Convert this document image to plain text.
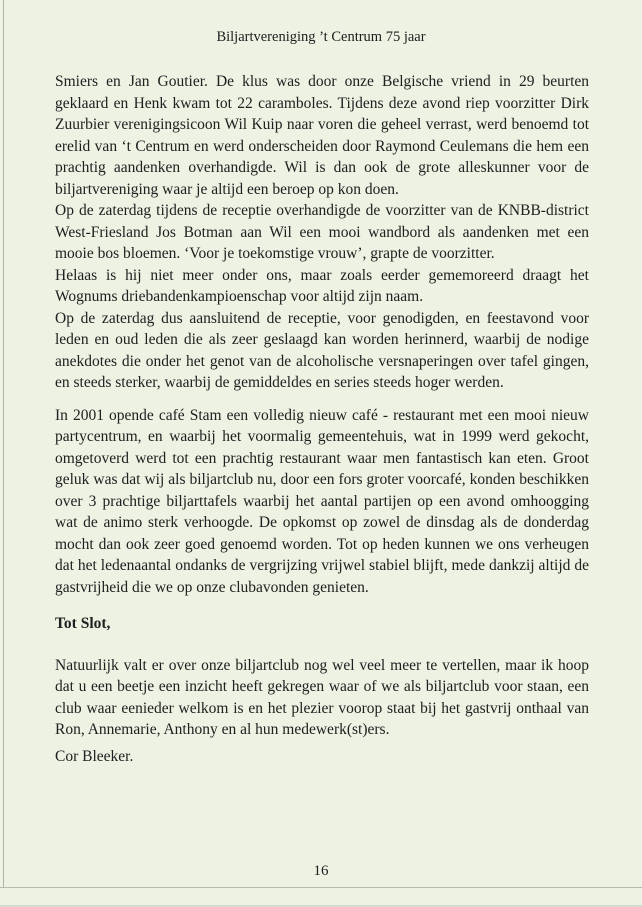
Biljartvereniging ’t Centrum 75 jaar

Smiers en Jan Goutier. De klus was door onze Belgische vriend in 29 beurten geklaard en Henk kwam tot 22 caramboles. Tijdens deze avond riep voorzitter Dirk Zuurbier verenigingsicoon Wil Kuip naar voren die geheel verrast, werd benoemd tot erelid van ‘t Centrum en werd onderscheiden door Raymond Ceulemans die hem een prachtig aandenken overhandigde. Wil is dan ook de grote alleskunner voor de biljartvereniging waar je altijd een beroep op kon doen.

Op de zaterdag tijdens de receptie overhandigde de voorzitter van de KNBB-district West-Friesland Jos Botman aan Wil een mooi wandbord als aandenken met een mooie bos bloemen. ‘Voor je toekomstige vrouw’, grapte de voorzitter.

Helaas is hij niet meer onder ons, maar zoals eerder gememoreerd draagt het Wognums driebandenkampioenschap voor altijd zijn naam.

Op de zaterdag dus aansluitend de receptie, voor genodigden, en feestavond voor leden en oud leden die als zeer geslaagd kan worden herinnerd, waarbij de nodige anekdotes die onder het genot van de alcoholische versnaperingen over tafel gingen, en steeds sterker, waarbij de gemiddeldes en series steeds hoger werden.

In 2001 opende café Stam een volledig nieuw café - restaurant met een mooi nieuw partycentrum, en waarbij het voormalig gemeentehuis, wat in 1999 werd gekocht, omgetoverd werd tot een prachtig restaurant waar men fantastisch kan eten. Groot geluk was dat wij als biljartclub nu, door een fors groter voorcafé, konden beschikken over 3 prachtige biljarttafels waarbij het aantal partijen op een avond omhoogging wat de animo sterk verhoogde. De opkomst op zowel de dinsdag als de donderdag mocht dan ook zeer goed genoemd worden. Tot op heden kunnen we ons verheugen dat het ledenaantal ondanks de vergrijzing vrijwel stabiel blijft, mede dankzij altijd de gastvrijheid die we op onze clubavonden genieten.

Tot Slot,

Natuurlijk valt er over onze biljartclub nog wel veel meer te vertellen, maar ik hoop dat u een beetje een inzicht heeft gekregen waar of we als biljartclub voor staan, een club waar eenieder welkom is en het plezier voorop staat bij het gastvrij onthaal van Ron, Annemarie, Anthony en al hun medewerk(st)ers.

Cor Bleeker.

16
